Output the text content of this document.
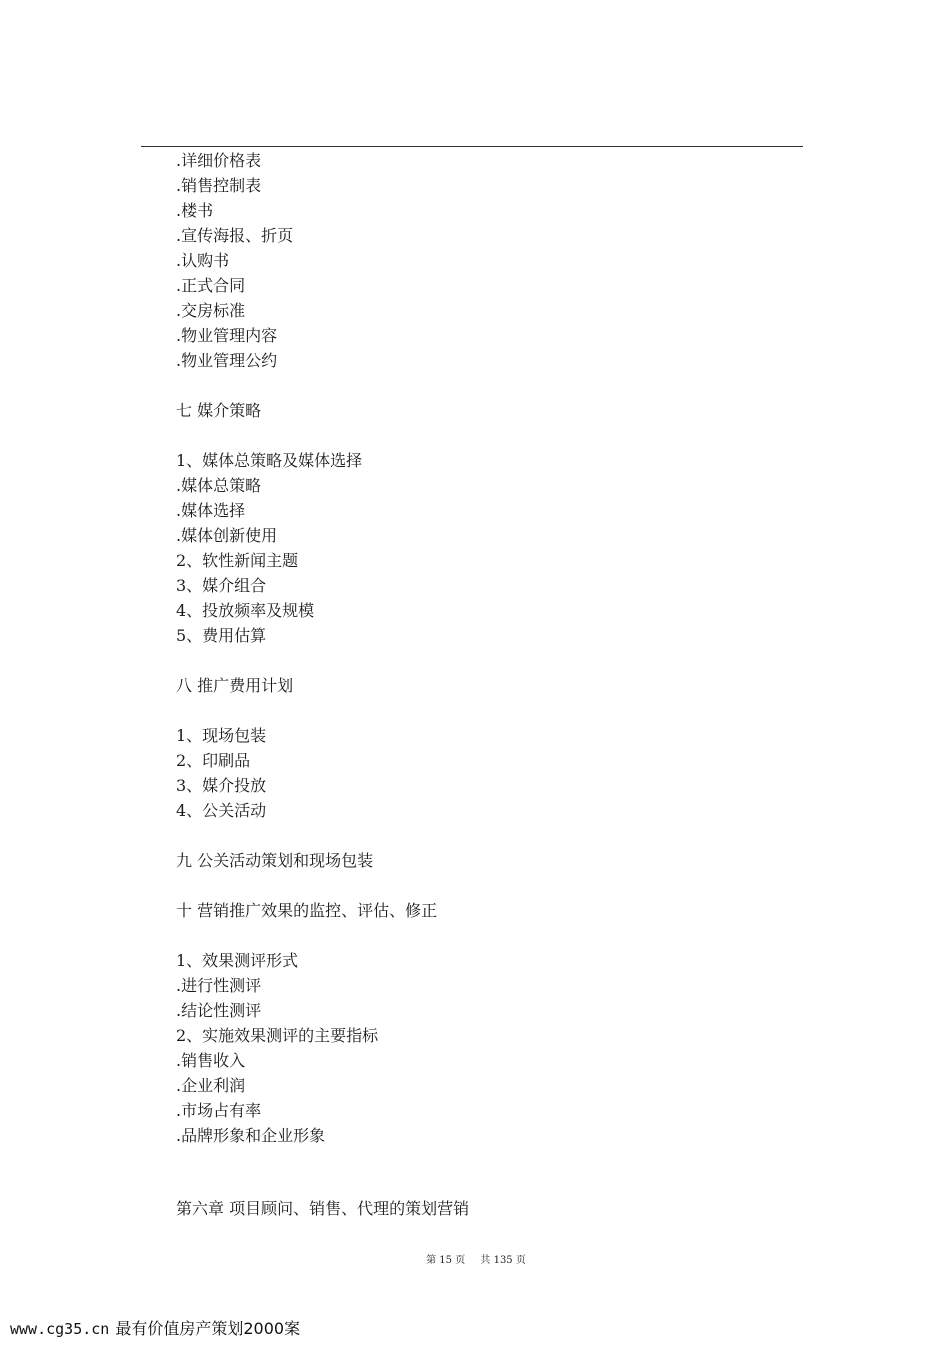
.详细价格表
.销售控制表
.楼书
.宣传海报、折页
.认购书
.正式合同
.交房标准
.物业管理内容
.物业管理公约
七 媒介策略
1、媒体总策略及媒体选择
.媒体总策略
.媒体选择
.媒体创新使用
2、软性新闻主题
3、媒介组合
4、投放频率及规模
5、费用估算
八 推广费用计划
1、现场包装
2、印刷品
3、媒介投放
4、公关活动
九 公关活动策划和现场包装
十 营销推广效果的监控、评估、修正
1、效果测评形式
.进行性测评
.结论性测评
2、实施效果测评的主要指标
.销售收入
.企业利润
.市场占有率
.品牌形象和企业形象
第六章 项目顾问、销售、代理的策划营销
第 15 页 共 135 页
www.cg35.cn 最有价值房产策划2000案
